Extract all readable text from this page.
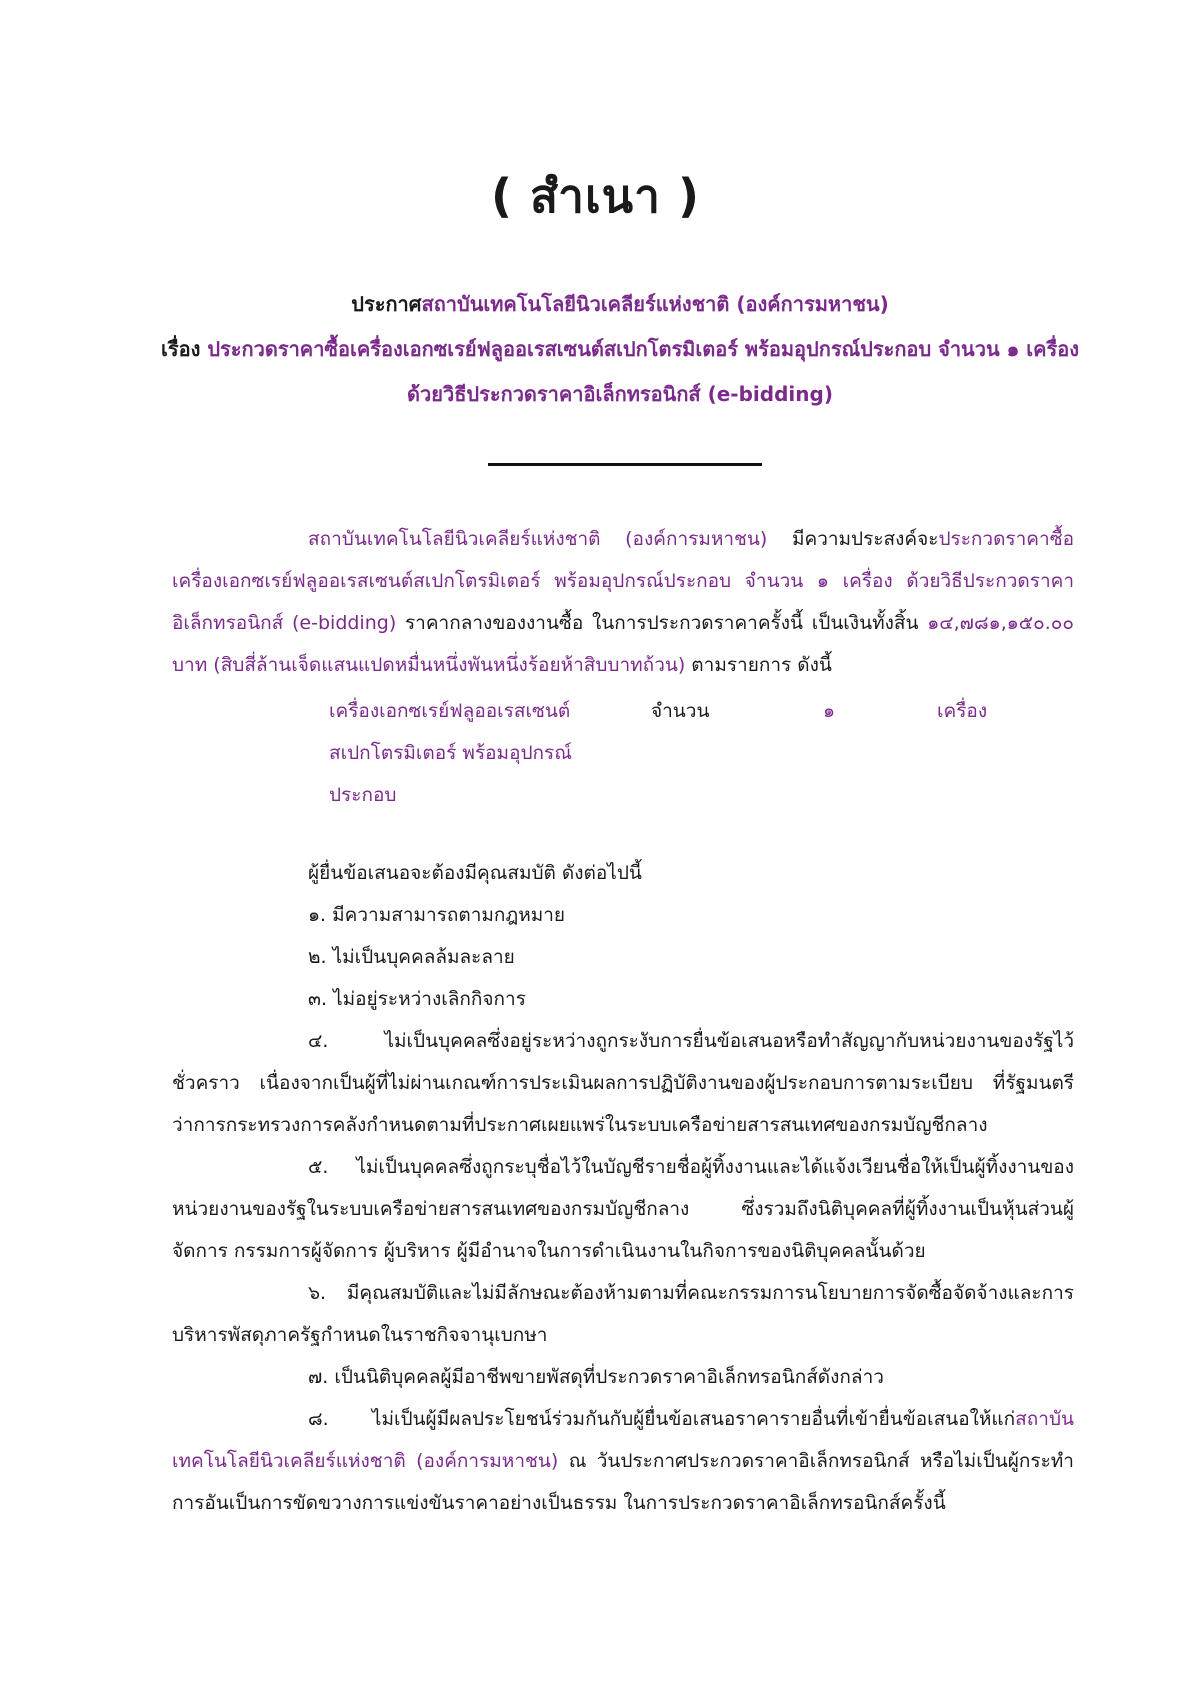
( สำเนา )
ประกาศสถาบันเทคโนโลยีนิวเคลียร์แห่งชาติ (องค์การมหาชน)
เรื่อง ประกวดราคาซื้อเครื่องเอกซเรย์ฟลูออเรสเซนต์สเปกโตรมิเตอร์ พร้อมอุปกรณ์ประกอบ จำนวน ๑ เครื่อง ด้วยวิธีประกวดราคาอิเล็กทรอนิกส์ (e-bidding)
สถาบันเทคโนโลยีนิวเคลียร์แห่งชาติ (องค์การมหาชน) มีความประสงค์จะประกวดราคาซื้อเครื่องเอกซเรย์ฟลูออเรสเซนต์สเปกโตรมิเตอร์ พร้อมอุปกรณ์ประกอบ จำนวน ๑ เครื่อง ด้วยวิธีประกวดราคาอิเล็กทรอนิกส์ (e-bidding) ราคากลางของงานซื้อ ในการประกวดราคาครั้งนี้ เป็นเงินทั้งสิ้น ๑๔,๗๘๑,๑๕๐.๐๐ บาท (สิบสี่ล้านเจ็ดแสนแปดหมื่นหนึ่งพันหนึ่งร้อยห้าสิบบาทถ้วน) ตามรายการ ดังนี้
เครื่องเอกซเรย์ฟลูออเรสเซนต์สเปกโตรมิเตอร์ พร้อมอุปกรณ์ประกอบ
จำนวน	๑	เครื่อง
ผู้ยื่นข้อเสนอจะต้องมีคุณสมบัติ ดังต่อไปนี้
๑. มีความสามารถตามกฎหมาย
๒. ไม่เป็นบุคคลล้มละลาย
๓. ไม่อยู่ระหว่างเลิกกิจการ
๔. ไม่เป็นบุคคลซึ่งอยู่ระหว่างถูกระงับการยื่นข้อเสนอหรือทำสัญญากับหน่วยงานของรัฐไว้ชั่วคราว เนื่องจากเป็นผู้ที่ไม่ผ่านเกณฑ์การประเมินผลการปฏิบัติงานของผู้ประกอบการตามระเบียบ ที่รัฐมนตรีว่าการกระทรวงการคลังกำหนดตามที่ประกาศเผยแพร่ในระบบเครือข่ายสารสนเทศของกรมบัญชีกลาง
๕. ไม่เป็นบุคคลซึ่งถูกระบุชื่อไว้ในบัญชีรายชื่อผู้ทิ้งงานและได้แจ้งเวียนชื่อให้เป็นผู้ทิ้งงานของหน่วยงานของรัฐในระบบเครือข่ายสารสนเทศของกรมบัญชีกลาง ซึ่งรวมถึงนิติบุคคลที่ผู้ทิ้งงานเป็นหุ้นส่วนผู้จัดการ กรรมการผู้จัดการ ผู้บริหาร ผู้มีอำนาจในการดำเนินงานในกิจการของนิติบุคคลนั้นด้วย
๖. มีคุณสมบัติและไม่มีลักษณะต้องห้ามตามที่คณะกรรมการนโยบายการจัดซื้อจัดจ้างและการบริหารพัสดุภาครัฐกำหนดในราชกิจจานุเบกษา
๗. เป็นนิติบุคคลผู้มีอาชีพขายพัสดุที่ประกวดราคาอิเล็กทรอนิกส์ดังกล่าว
๘. ไม่เป็นผู้มีผลประโยชน์ร่วมกันกับผู้ยื่นข้อเสนอราคารายอื่นที่เข้ายื่นข้อเสนอให้แก่สถาบันเทคโนโลยีนิวเคลียร์แห่งชาติ (องค์การมหาชน) ณ วันประกาศประกวดราคาอิเล็กทรอนิกส์ หรือไม่เป็นผู้กระทำการอันเป็นการขัดขวางการแข่งขันราคาอย่างเป็นธรรม ในการประกวดราคาอิเล็กทรอนิกส์ครั้งนี้
